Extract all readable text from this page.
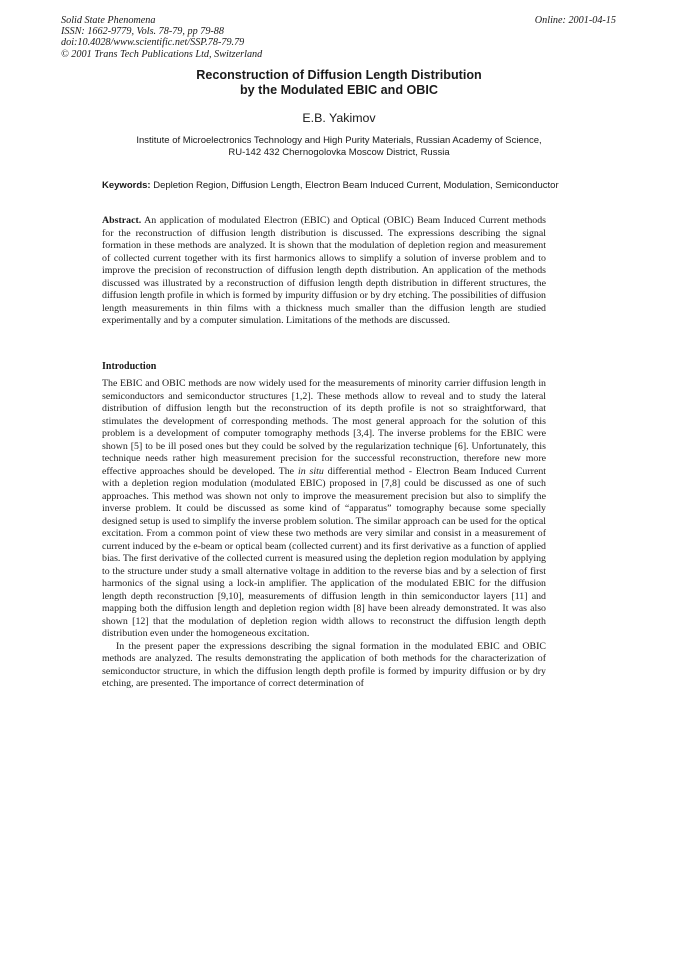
Solid State Phenomena
ISSN: 1662-9779, Vols. 78-79, pp 79-88
doi:10.4028/www.scientific.net/SSP.78-79.79
© 2001 Trans Tech Publications Ltd, Switzerland
Online: 2001-04-15
Reconstruction of Diffusion Length Distribution
by the Modulated EBIC and OBIC
E.B. Yakimov
Institute of Microelectronics Technology and High Purity Materials, Russian Academy of Science,
RU-142 432 Chernogolovka Moscow District, Russia
Keywords: Depletion Region, Diffusion Length, Electron Beam Induced Current, Modulation, Semiconductor
Abstract. An application of modulated Electron (EBIC) and Optical (OBIC) Beam Induced Current methods for the reconstruction of diffusion length distribution is discussed. The expressions describing the signal formation in these methods are analyzed. It is shown that the modulation of depletion region and measurement of collected current together with its first harmonics allows to simplify a solution of inverse problem and to improve the precision of reconstruction of diffusion length depth distribution. An application of the methods discussed was illustrated by a reconstruction of diffusion length depth distribution in different structures, the diffusion length profile in which is formed by impurity diffusion or by dry etching. The possibilities of diffusion length measurements in thin films with a thickness much smaller than the diffusion length are studied experimentally and by a computer simulation. Limitations of the methods are discussed.
Introduction

The EBIC and OBIC methods are now widely used for the measurements of minority carrier diffusion length in semiconductors and semiconductor structures [1,2]. These methods allow to reveal and to study the lateral distribution of diffusion length but the reconstruction of its depth profile is not so straightforward, that stimulates the development of corresponding methods. The most general approach for the solution of this problem is a development of computer tomography methods [3,4]. The inverse problems for the EBIC were shown [5] to be ill posed ones but they could be solved by the regularization technique [6]. Unfortunately, this technique needs rather high measurement precision for the successful reconstruction, therefore new more effective approaches should be developed. The in situ differential method - Electron Beam Induced Current with a depletion region modulation (modulated EBIC) proposed in [7,8] could be discussed as one of such approaches. This method was shown not only to improve the measurement precision but also to simplify the inverse problem. It could be discussed as some kind of “apparatus” tomography because some specially designed setup is used to simplify the inverse problem solution. The similar approach can be used for the optical excitation. From a common point of view these two methods are very similar and consist in a measurement of current induced by the e-beam or optical beam (collected current) and its first derivative as a function of applied bias. The first derivative of the collected current is measured using the depletion region modulation by applying to the structure under study a small alternative voltage in addition to the reverse bias and by a selection of first harmonics of the signal using a lock-in amplifier. The application of the modulated EBIC for the diffusion length depth reconstruction [9,10], measurements of diffusion length in thin semiconductor layers [11] and mapping both the diffusion length and depletion region width [8] have been already demonstrated. It was also shown [12] that the modulation of depletion region width allows to reconstruct the diffusion length depth distribution even under the homogeneous excitation.

In the present paper the expressions describing the signal formation in the modulated EBIC and OBIC methods are analyzed. The results demonstrating the application of both methods for the characterization of semiconductor structure, in which the diffusion length depth profile is formed by impurity diffusion or by dry etching, are presented. The importance of correct determination of
